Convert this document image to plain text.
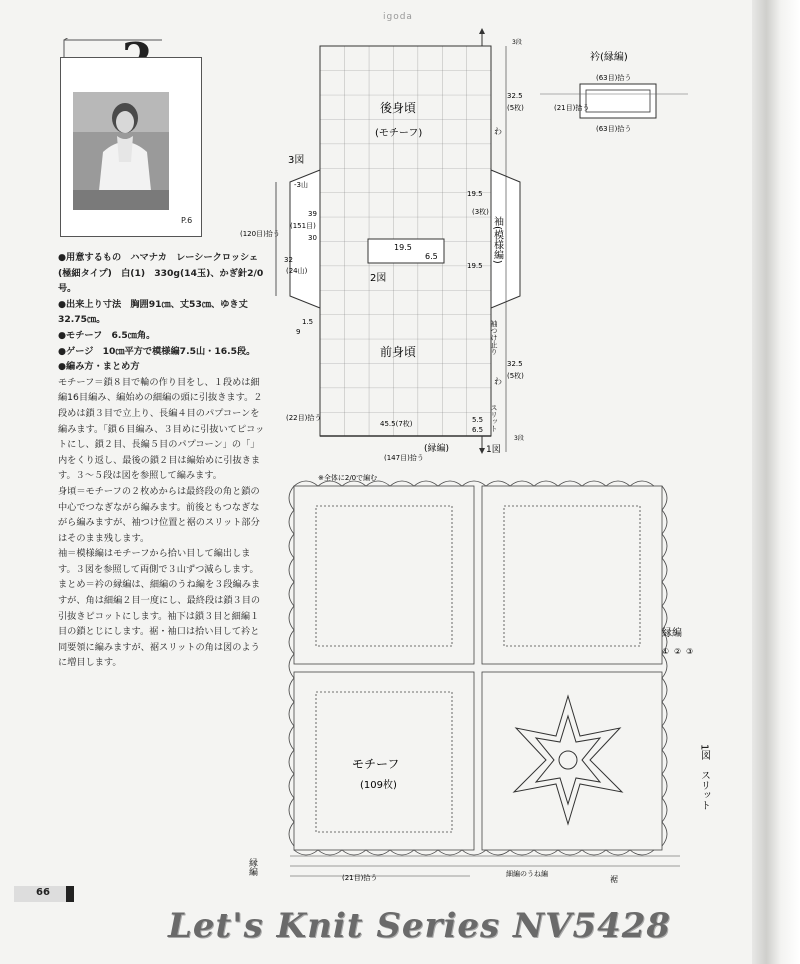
igoda
P.6

●用意するもの　ハマナカ　レーシークロッシェ(極細タイプ)　白(1)　330g(14玉)、かぎ針2/0号。

●出来上り寸法　胸囲91㎝、丈53㎝、ゆき丈32.75㎝。

●モチーフ　6.5㎝角。

●ゲージ　10㎝平方で模様編7.5山・16.5段。

●編み方・まとめ方

モチーフ＝鎖８目で輪の作り目をし、１段めは細編16目編み、編始めの細編の頭に引抜きます。２段めは鎖３目で立上り、長編４目のパプコーンを編みます。「鎖６目編み、３目めに引抜いてピコットにし、鎖２目、長編５目のパプコーン」の「」内をくり返し、最後の鎖２目は編始めに引抜きます。３～５段は図を参照して編みます。

身頃＝モチーフの２枚めからは最終段の角と鎖の中心でつなぎながら編みます。前後ともつなぎながら編みますが、袖つけ位置と裾のスリット部分はそのまま残します。

袖＝模様編はモチーフから拾い目して編出します。３図を参照して両側で３山ずつ減らします。

まとめ＝衿の縁編は、細編のうね編を３段編みますが、角は細編２目一度にし、最終段は鎖３目の引抜きピコットにします。袖下は鎖３目と細編１目の鎖とじにします。裾・袖口は拾い目して衿と同要領に編みますが、裾スリットの角は図のように増目します。

後身頃
(モチーフ)
前身頃
19.5
6.5
2図
袖(模様編)
3図
-3山
39
(151目)
30
32
(24山)
(120目)拾う
32.5
(5枚)
32.5
(5枚)
19.5
(3枚)
19.5
わ
わ
袖つけ止り
スリット
3段
3段
45.5(7枚)	5.5
6.5
(22目)拾う
(縁編)
(147目)拾う
1図
1.5
9
衿(縁編)
(63目)拾う
(63目)拾う
(21目)拾う
※全体に2/0で編む
モチーフ
(109枚)
縁編
① ② ③
1図　スリット
縁編
(21目)拾う	細編のうね編
裾
66
Let's Knit Series NV5428
